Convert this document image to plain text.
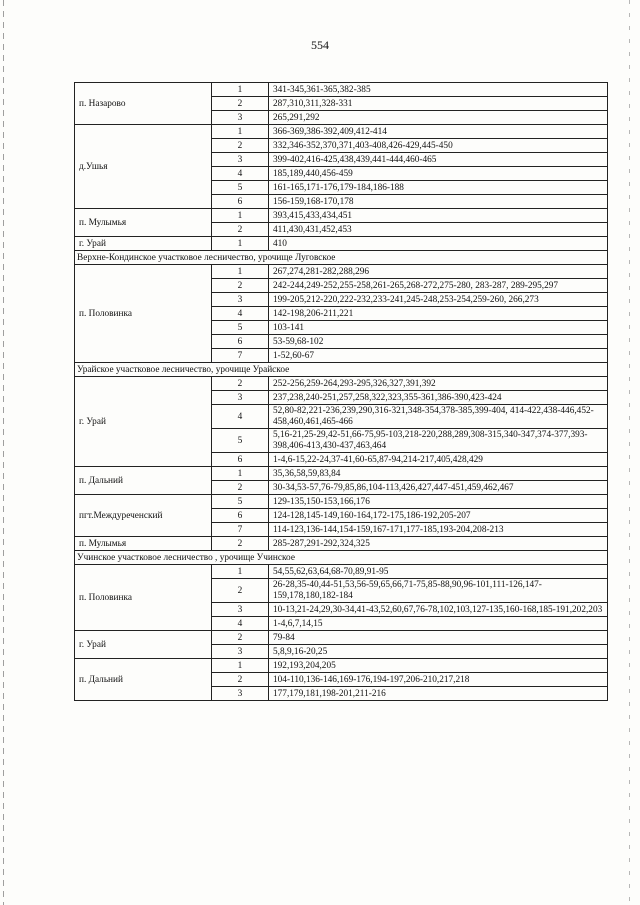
554
п. Назарово	1	341-345,361-365,382-385
	2	287,310,311,328-331
	3	265,291,292
д.Ушья	1	366-369,386-392,409,412-414
	2	332,346-352,370,371,403-408,426-429,445-450
	3	399-402,416-425,438,439,441-444,460-465
	4	185,189,440,456-459
	5	161-165,171-176,179-184,186-188
	6	156-159,168-170,178
п. Мулымья	1	393,415,433,434,451
	2	411,430,431,452,453
г. Урай	1	410
Верхне-Кондинское участковое лесничество, урочище Луговское		
п. Половинка	1	267,274,281-282,288,296
	2	242-244,249-252,255-258,261-265,268-272,275-280, 283-287, 289-295,297
	3	199-205,212-220,222-232,233-241,245-248,253-254,259-260, 266,273
	4	142-198,206-211,221
	5	103-141
	6	53-59,68-102
	7	1-52,60-67
Урайское участковое лесничество, урочище Урайское		
г. Урай	2	252-256,259-264,293-295,326,327,391,392
	3	237,238,240-251,257,258,322,323,355-361,386-390,423-424
	4	52,80-82,221-236,239,290,316-321,348-354,378-385,399-404, 414-422,438-446,452-458,460,461,465-466
	5	5,16-21,25-29,42-51,66-75,95-103,218-220,288,289,308-315,340-347,374-377,393-398,406-413,430-437,463,464
	6	1-4,6-15,22-24,37-41,60-65,87-94,214-217,405,428,429
п. Дальний	1	35,36,58,59,83,84
	2	30-34,53-57,76-79,85,86,104-113,426,427,447-451,459,462,467
пгт.Междуреченский	5	129-135,150-153,166,176
	6	124-128,145-149,160-164,172-175,186-192,205-207
	7	114-123,136-144,154-159,167-171,177-185,193-204,208-213
п. Мулымья	2	285-287,291-292,324,325
Учинское участковое лесничество , урочище Учинское		
п. Половинка	1	54,55,62,63,64,68-70,89,91-95
	2	26-28,35-40,44-51,53,56-59,65,66,71-75,85-88,90,96-101,111-126,147-159,178,180,182-184
	3	10-13,21-24,29,30-34,41-43,52,60,67,76-78,102,103,127-135,160-168,185-191,202,203
	4	1-4,6,7,14,15
г. Урай	2	79-84
	3	5,8,9,16-20,25
п. Дальний	1	192,193,204,205
	2	104-110,136-146,169-176,194-197,206-210,217,218
	3	177,179,181,198-201,211-216
